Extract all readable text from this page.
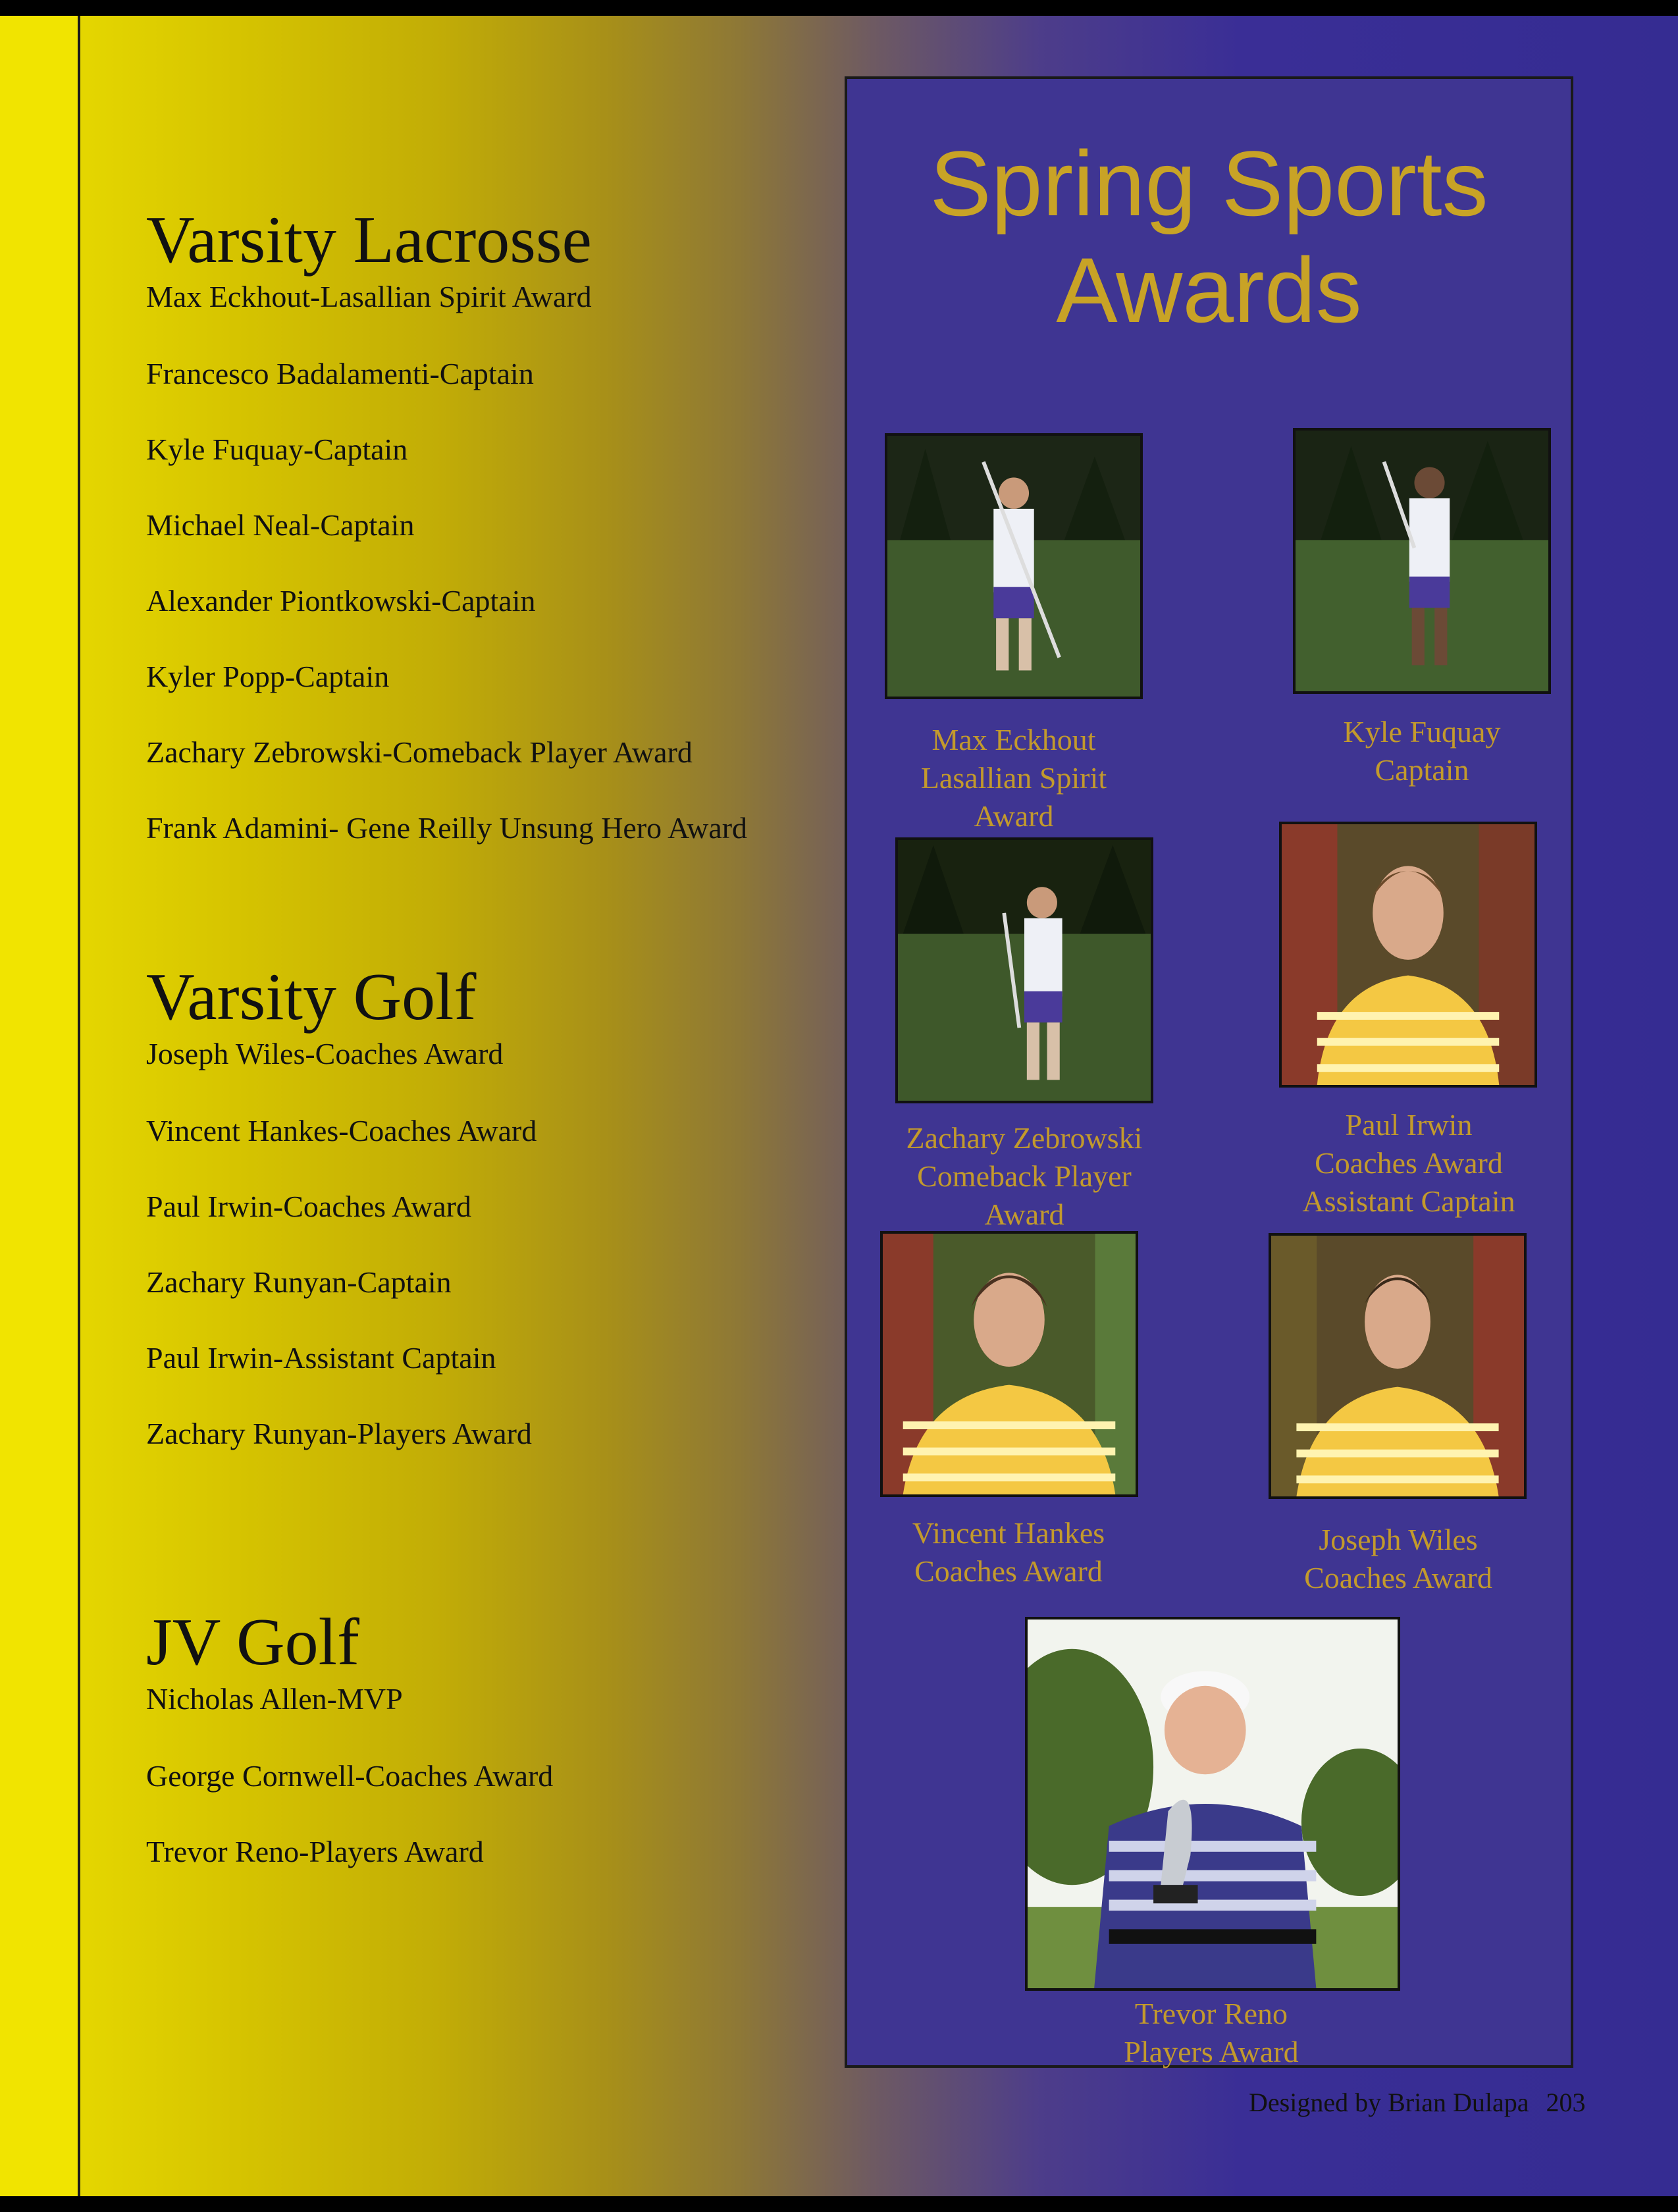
Varsity Lacrosse

Max Eckhout-Lasallian Spirit Award

Francesco Badalamenti-Captain

Kyle Fuquay-Captain

Michael Neal-Captain

Alexander Piontkowski-Captain

Kyler Popp-Captain

Zachary Zebrowski-Comeback Player Award

Frank Adamini- Gene Reilly Unsung Hero Award

Varsity Golf

Joseph Wiles-Coaches Award

Vincent Hankes-Coaches Award

Paul Irwin-Coaches Award

Zachary Runyan-Captain

Paul Irwin-Assistant Captain

Zachary Runyan-Players Award

JV Golf

Nicholas Allen-MVP

George Cornwell-Coaches Award

Trevor Reno-Players Award

Spring Sports
Awards
Max Eckhout
Lasallian Spirit
Award
Kyle Fuquay
Captain
Zachary Zebrowski
Comeback Player
Award
Paul Irwin
Coaches Award
Assistant Captain
Vincent Hankes
Coaches Award
Joseph Wiles
Coaches Award
Trevor Reno
Players Award
Designed by Brian Dulapa 203
